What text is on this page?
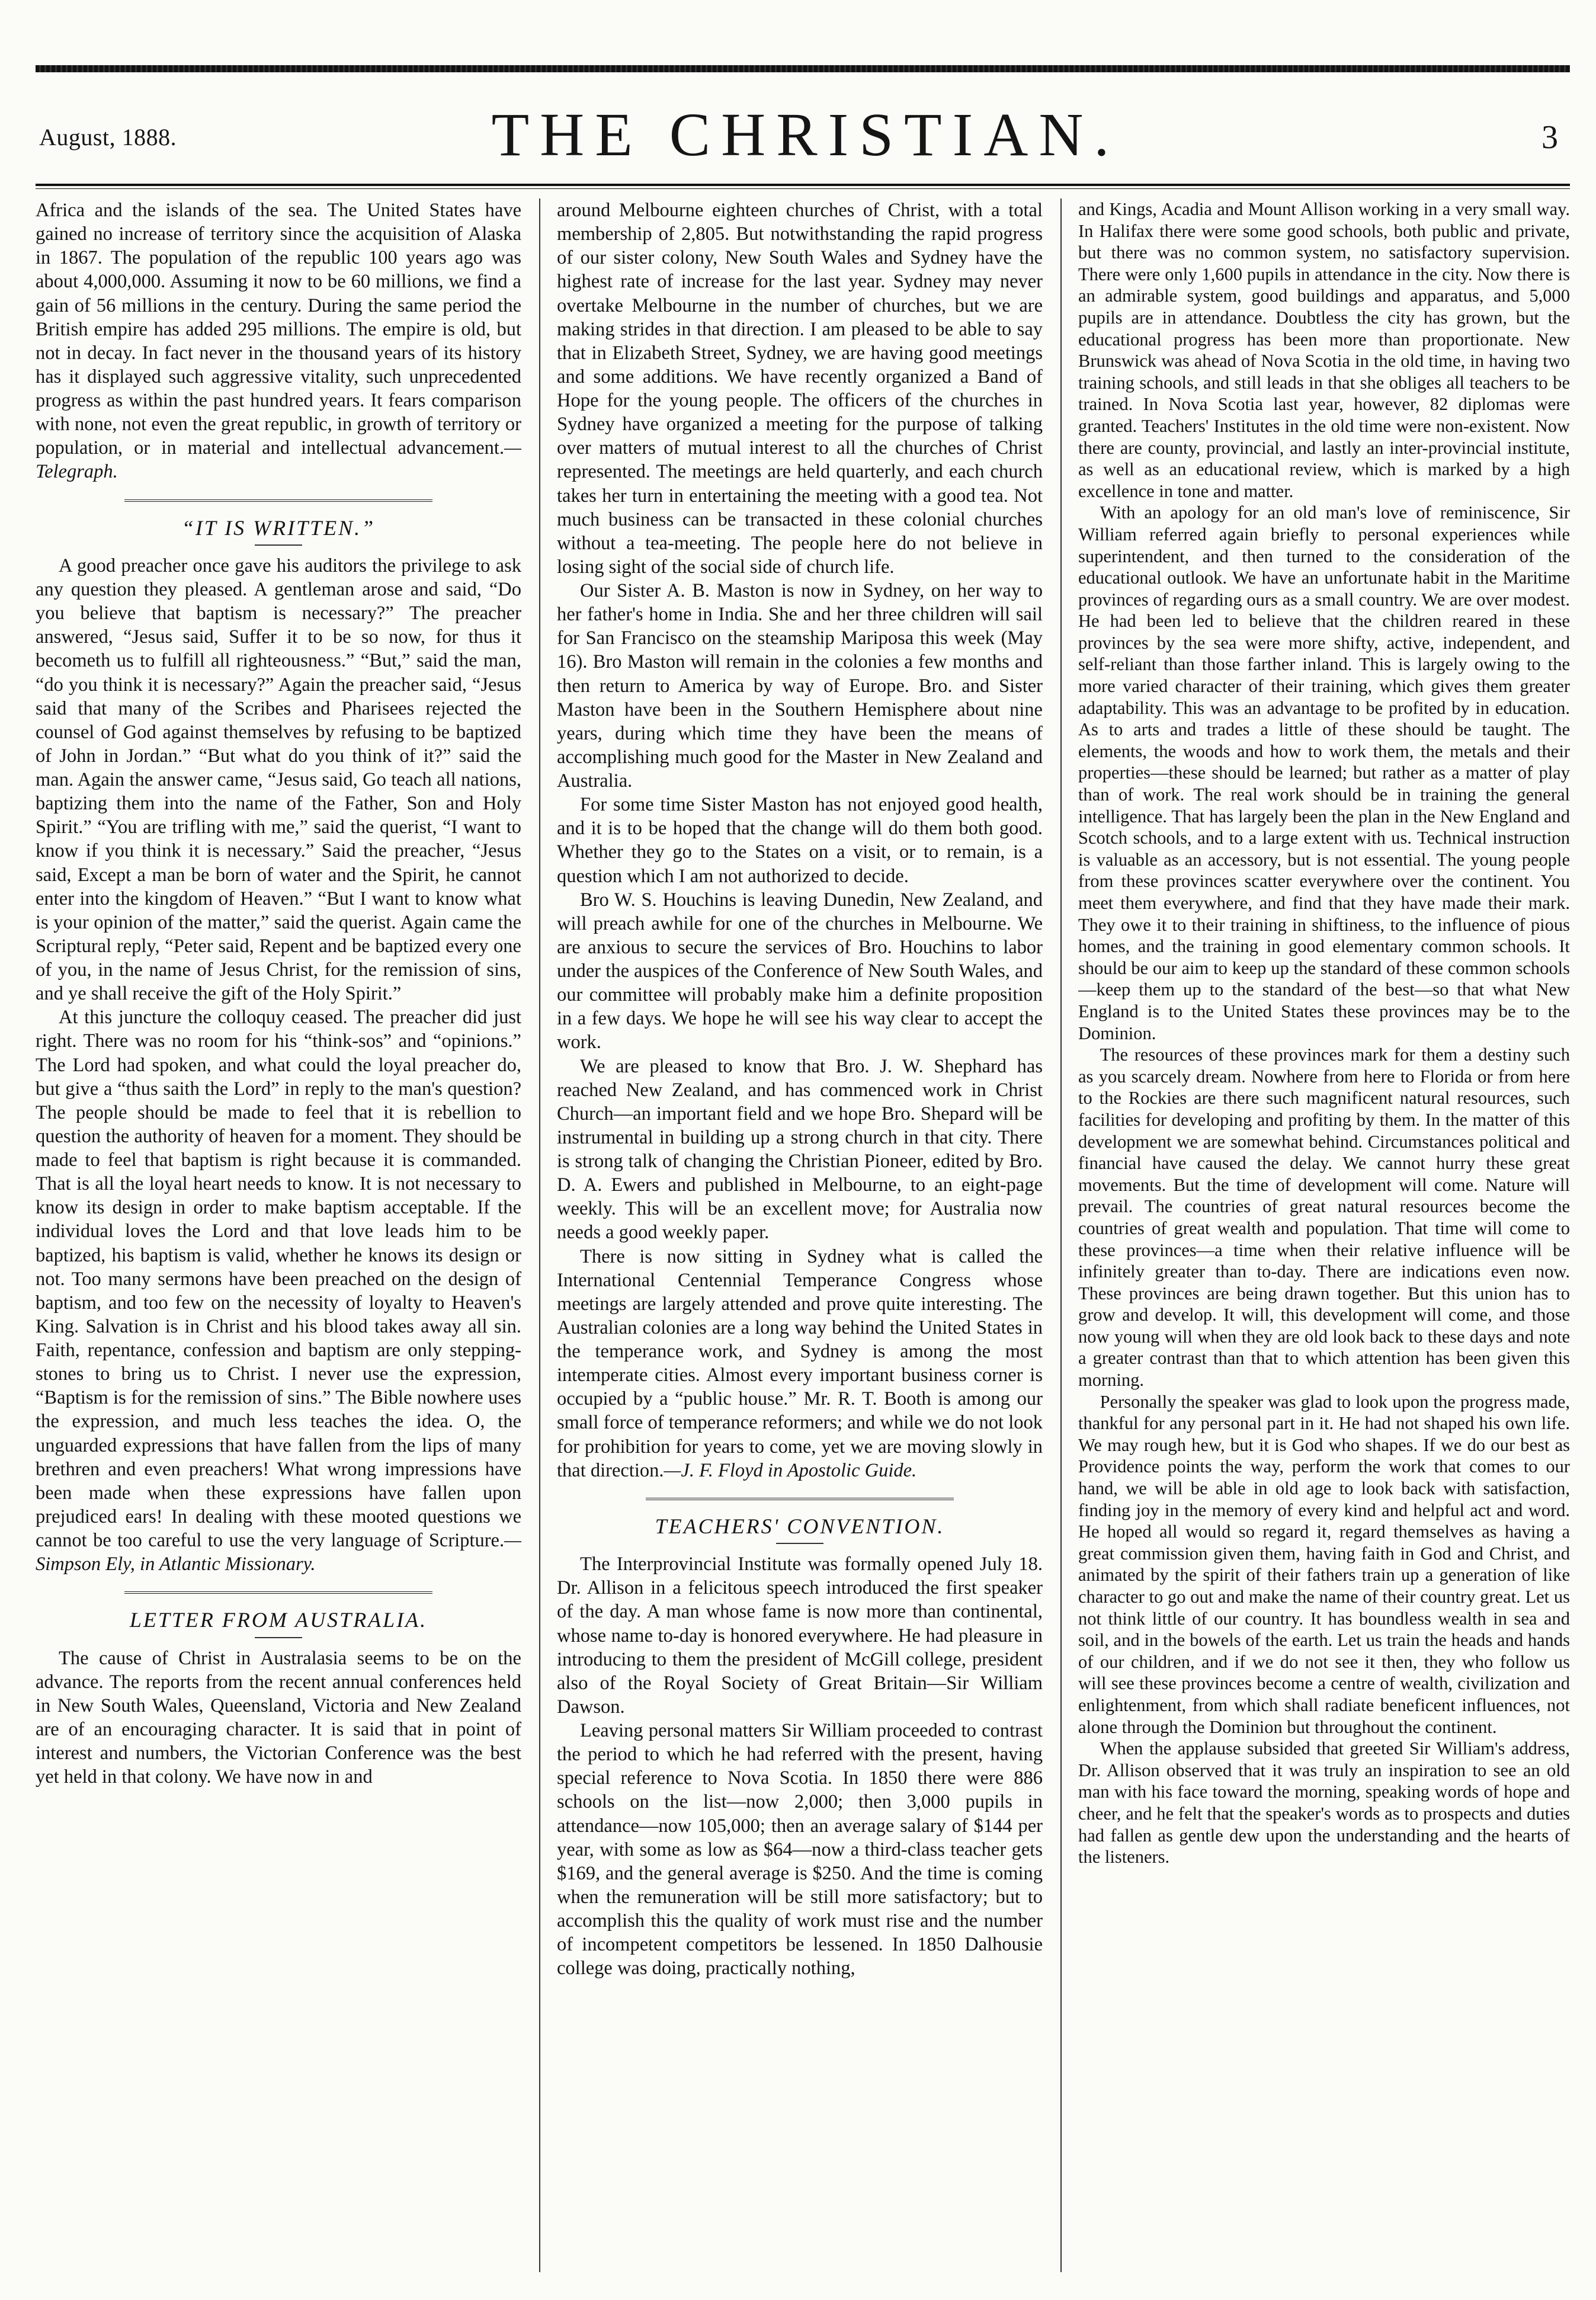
August, 1888.	THE CHRISTIAN.	3

Africa and the islands of the sea. The United States have gained no increase of territory since the acquisition of Alaska in 1867. The population of the republic 100 years ago was about 4,000,000. Assuming it now to be 60 millions, we find a gain of 56 millions in the century. During the same period the British empire has added 295 millions. The empire is old, but not in decay. In fact never in the thousand years of its history has it displayed such aggressive vitality, such unprecedented progress as within the past hundred years. It fears comparison with none, not even the great republic, in growth of territory or population, or in material and intellectual advancement.—Telegraph.

“IT IS WRITTEN.”

A good preacher once gave his auditors the privilege to ask any question they pleased. A gentleman arose and said, “Do you believe that baptism is necessary?” The preacher answered, “Jesus said, Suffer it to be so now, for thus it becometh us to fulfill all righteousness.” “But,” said the man, “do you think it is necessary?” Again the preacher said, “Jesus said that many of the Scribes and Pharisees rejected the counsel of God against themselves by refusing to be baptized of John in Jordan.” “But what do you think of it?” said the man. Again the answer came, “Jesus said, Go teach all nations, baptizing them into the name of the Father, Son and Holy Spirit.” “You are trifling with me,” said the querist, “I want to know if you think it is necessary.” Said the preacher, “Jesus said, Except a man be born of water and the Spirit, he cannot enter into the kingdom of Heaven.” “But I want to know what is your opinion of the matter,” said the querist. Again came the Scriptural reply, “Peter said, Repent and be baptized every one of you, in the name of Jesus Christ, for the remission of sins, and ye shall receive the gift of the Holy Spirit.”

At this juncture the colloquy ceased. The preacher did just right. There was no room for his “think-sos” and “opinions.” The Lord had spoken, and what could the loyal preacher do, but give a “thus saith the Lord” in reply to the man's question? The people should be made to feel that it is rebellion to question the authority of heaven for a moment. They should be made to feel that baptism is right because it is commanded. That is all the loyal heart needs to know. It is not necessary to know its design in order to make baptism acceptable. If the individual loves the Lord and that love leads him to be baptized, his baptism is valid, whether he knows its design or not. Too many sermons have been preached on the design of baptism, and too few on the necessity of loyalty to Heaven's King. Salvation is in Christ and his blood takes away all sin. Faith, repentance, confession and baptism are only stepping-stones to bring us to Christ. I never use the expression, “Baptism is for the remission of sins.” The Bible nowhere uses the expression, and much less teaches the idea. O, the unguarded expressions that have fallen from the lips of many brethren and even preachers! What wrong impressions have been made when these expressions have fallen upon prejudiced ears! In dealing with these mooted questions we cannot be too careful to use the very language of Scripture.—Simpson Ely, in Atlantic Missionary.

LETTER FROM AUSTRALIA.

The cause of Christ in Australasia seems to be on the advance. The reports from the recent annual conferences held in New South Wales, Queensland, Victoria and New Zealand are of an encouraging character. It is said that in point of interest and numbers, the Victorian Conference was the best yet held in that colony. We have now in and

around Melbourne eighteen churches of Christ, with a total membership of 2,805. But notwithstanding the rapid progress of our sister colony, New South Wales and Sydney have the highest rate of increase for the last year. Sydney may never overtake Melbourne in the number of churches, but we are making strides in that direction. I am pleased to be able to say that in Elizabeth Street, Sydney, we are having good meetings and some additions. We have recently organized a Band of Hope for the young people. The officers of the churches in Sydney have organized a meeting for the purpose of talking over matters of mutual interest to all the churches of Christ represented. The meetings are held quarterly, and each church takes her turn in entertaining the meeting with a good tea. Not much business can be transacted in these colonial churches without a tea-meeting. The people here do not believe in losing sight of the social side of church life.

Our Sister A. B. Maston is now in Sydney, on her way to her father's home in India. She and her three children will sail for San Francisco on the steamship Mariposa this week (May 16). Bro Maston will remain in the colonies a few months and then return to America by way of Europe. Bro. and Sister Maston have been in the Southern Hemisphere about nine years, during which time they have been the means of accomplishing much good for the Master in New Zealand and Australia.

For some time Sister Maston has not enjoyed good health, and it is to be hoped that the change will do them both good. Whether they go to the States on a visit, or to remain, is a question which I am not authorized to decide.

Bro W. S. Houchins is leaving Dunedin, New Zealand, and will preach awhile for one of the churches in Melbourne. We are anxious to secure the services of Bro. Houchins to labor under the auspices of the Conference of New South Wales, and our committee will probably make him a definite proposition in a few days. We hope he will see his way clear to accept the work.

We are pleased to know that Bro. J. W. Shephard has reached New Zealand, and has commenced work in Christ Church—an important field and we hope Bro. Shepard will be instrumental in building up a strong church in that city. There is strong talk of changing the Christian Pioneer, edited by Bro. D. A. Ewers and published in Melbourne, to an eight-page weekly. This will be an excellent move; for Australia now needs a good weekly paper.

There is now sitting in Sydney what is called the International Centennial Temperance Congress whose meetings are largely attended and prove quite interesting. The Australian colonies are a long way behind the United States in the temperance work, and Sydney is among the most intemperate cities. Almost every important business corner is occupied by a “public house.” Mr. R. T. Booth is among our small force of temperance reformers; and while we do not look for prohibition for years to come, yet we are moving slowly in that direction.—J. F. Floyd in Apostolic Guide.

TEACHERS' CONVENTION.

The Interprovincial Institute was formally opened July 18. Dr. Allison in a felicitous speech introduced the first speaker of the day. A man whose fame is now more than continental, whose name to-day is honored everywhere. He had pleasure in introducing to them the president of McGill college, president also of the Royal Society of Great Britain—Sir William Dawson.

Leaving personal matters Sir William proceeded to contrast the period to which he had referred with the present, having special reference to Nova Scotia. In 1850 there were 886 schools on the list—now 2,000; then 3,000 pupils in attendance—now 105,000; then an average salary of $144 per year, with some as low as $64—now a third-class teacher gets $169, and the general average is $250. And the time is coming when the remuneration will be still more satisfactory; but to accomplish this the quality of work must rise and the number of incompetent competitors be lessened. In 1850 Dalhousie college was doing, practically nothing,

and Kings, Acadia and Mount Allison working in a very small way. In Halifax there were some good schools, both public and private, but there was no common system, no satisfactory supervision. There were only 1,600 pupils in attendance in the city. Now there is an admirable system, good buildings and apparatus, and 5,000 pupils are in attendance. Doubtless the city has grown, but the educational progress has been more than proportionate. New Brunswick was ahead of Nova Scotia in the old time, in having two training schools, and still leads in that she obliges all teachers to be trained. In Nova Scotia last year, however, 82 diplomas were granted. Teachers' Institutes in the old time were non-existent. Now there are county, provincial, and lastly an inter-provincial institute, as well as an educational review, which is marked by a high excellence in tone and matter.

With an apology for an old man's love of reminiscence, Sir William referred again briefly to personal experiences while superintendent, and then turned to the consideration of the educational outlook. We have an unfortunate habit in the Maritime provinces of regarding ours as a small country. We are over modest. He had been led to believe that the children reared in these provinces by the sea were more shifty, active, independent, and self-reliant than those farther inland. This is largely owing to the more varied character of their training, which gives them greater adaptability. This was an advantage to be profited by in education. As to arts and trades a little of these should be taught. The elements, the woods and how to work them, the metals and their properties—these should be learned; but rather as a matter of play than of work. The real work should be in training the general intelligence. That has largely been the plan in the New England and Scotch schools, and to a large extent with us. Technical instruction is valuable as an accessory, but is not essential. The young people from these provinces scatter everywhere over the continent. You meet them everywhere, and find that they have made their mark. They owe it to their training in shiftiness, to the influence of pious homes, and the training in good elementary common schools. It should be our aim to keep up the standard of these common schools—keep them up to the standard of the best—so that what New England is to the United States these provinces may be to the Dominion.

The resources of these provinces mark for them a destiny such as you scarcely dream. Nowhere from here to Florida or from here to the Rockies are there such magnificent natural resources, such facilities for developing and profiting by them. In the matter of this development we are somewhat behind. Circumstances political and financial have caused the delay. We cannot hurry these great movements. But the time of development will come. Nature will prevail. The countries of great natural resources become the countries of great wealth and population. That time will come to these provinces—a time when their relative influence will be infinitely greater than to-day. There are indications even now. These provinces are being drawn together. But this union has to grow and develop. It will, this development will come, and those now young will when they are old look back to these days and note a greater contrast than that to which attention has been given this morning.

Personally the speaker was glad to look upon the progress made, thankful for any personal part in it. He had not shaped his own life. We may rough hew, but it is God who shapes. If we do our best as Providence points the way, perform the work that comes to our hand, we will be able in old age to look back with satisfaction, finding joy in the memory of every kind and helpful act and word. He hoped all would so regard it, regard themselves as having a great commission given them, having faith in God and Christ, and animated by the spirit of their fathers train up a generation of like character to go out and make the name of their country great. Let us not think little of our country. It has boundless wealth in sea and soil, and in the bowels of the earth. Let us train the heads and hands of our children, and if we do not see it then, they who follow us will see these provinces become a centre of wealth, civilization and enlightenment, from which shall radiate beneficent influences, not alone through the Dominion but throughout the continent.

When the applause subsided that greeted Sir William's address, Dr. Allison observed that it was truly an inspiration to see an old man with his face toward the morning, speaking words of hope and cheer, and he felt that the speaker's words as to prospects and duties had fallen as gentle dew upon the understanding and the hearts of the listeners.
